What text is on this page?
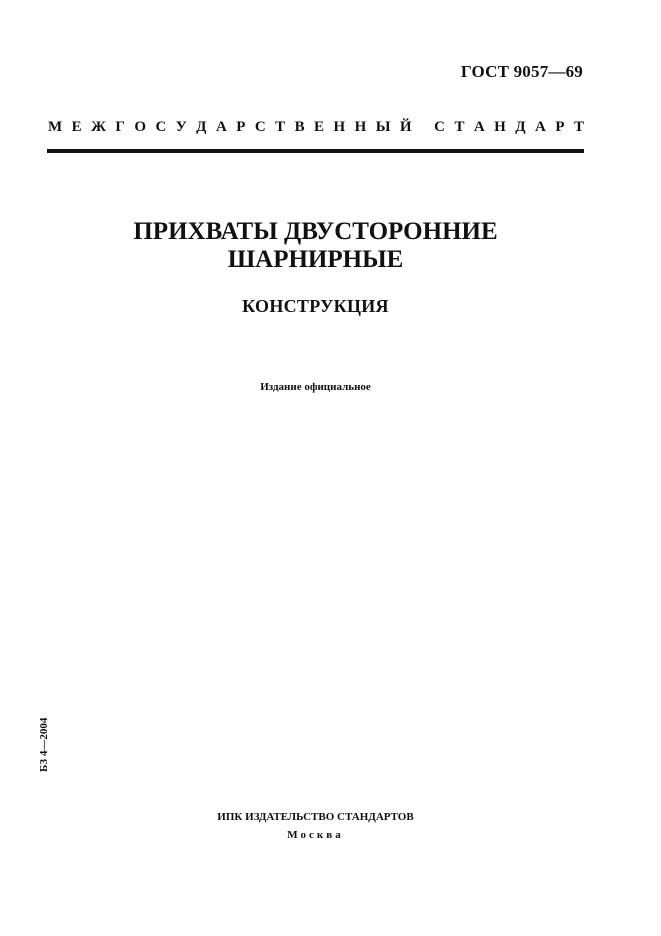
ГОСТ 9057—69
М Е Ж Г О С У Д А Р С Т В Е Н Н Ы Й
С Т А Н Д А Р Т
ПРИХВАТЫ ДВУСТОРОННИЕ
ШАРНИРНЫЕ
КОНСТРУКЦИЯ
Издание официальное
БЗ 4—2004
ИПК ИЗДАТЕЛЬСТВО СТАНДАРТОВ
Москва
